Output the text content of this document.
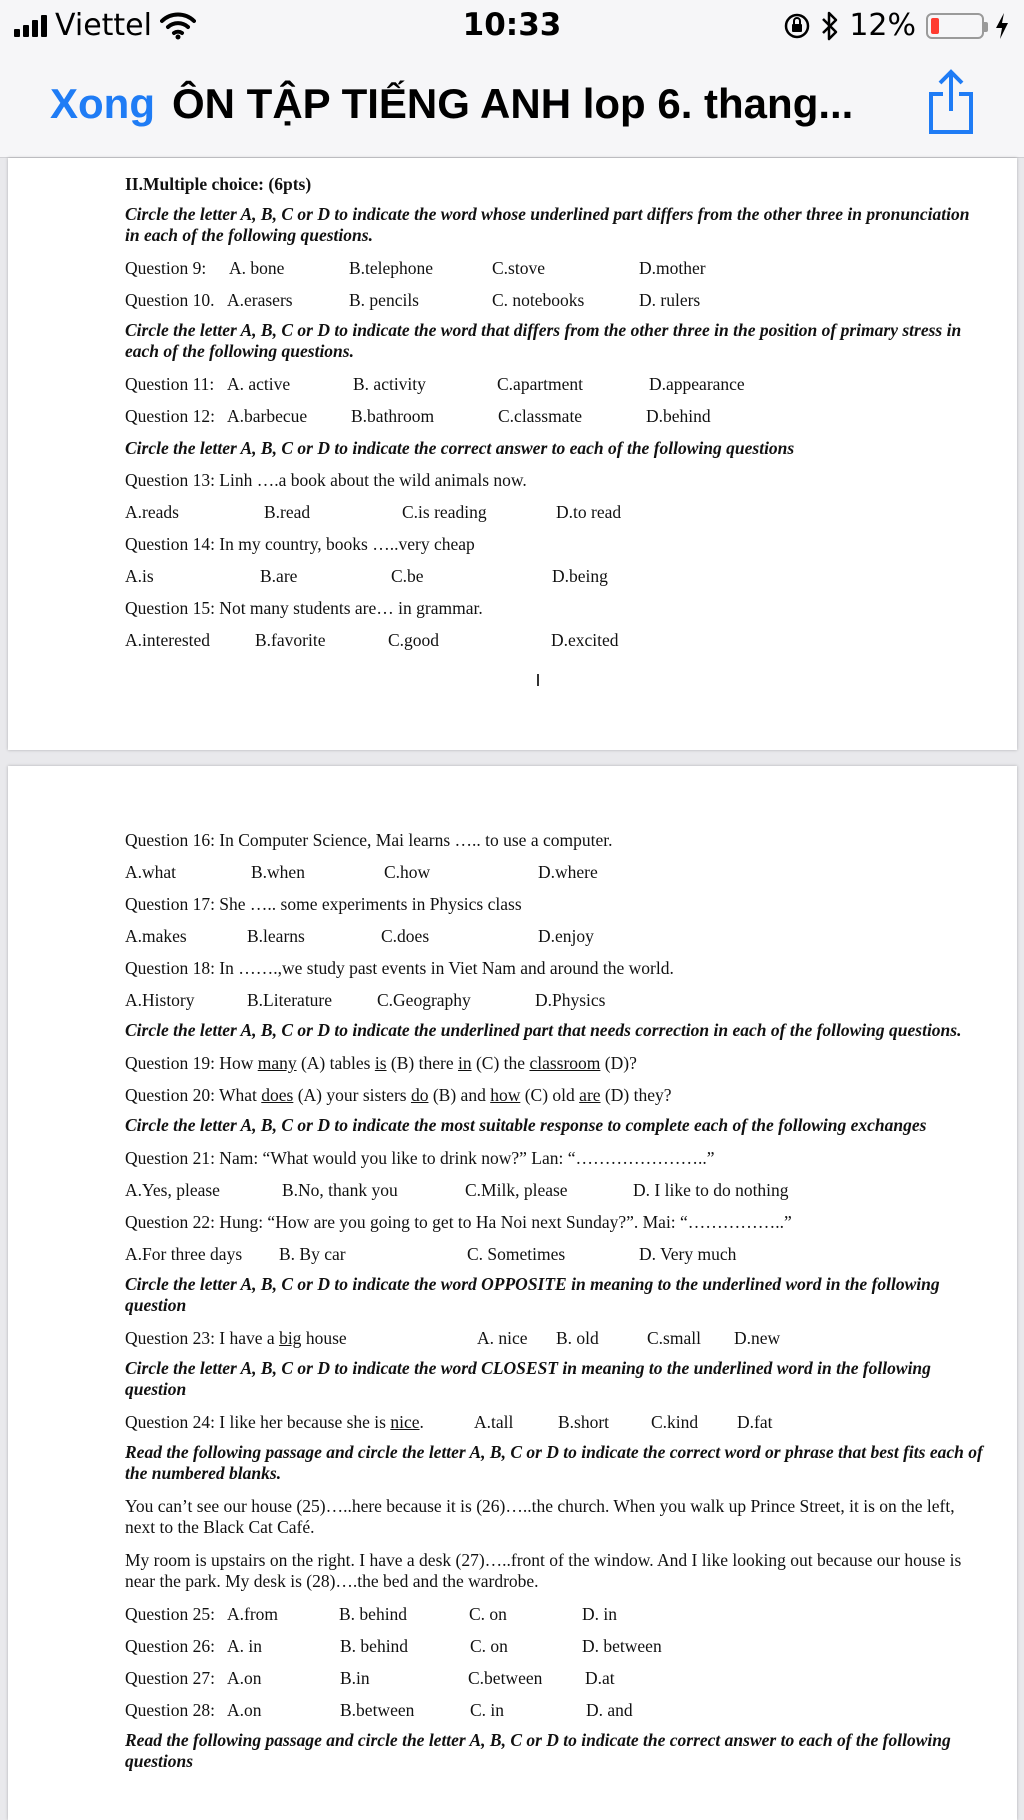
Viettel	10:33	12%
Xong ÔN TẬP TIẾNG ANH lop 6. thang...
II.Multiple choice: (6pts)
Circle the letter A, B, C or D to indicate the word whose underlined part differs from the other three in pronunciation in each of the following questions.
Question 9: A. bone	B.telephone	C.stove	D.mother
Question 10. A.erasers	B. pencils	C. notebooks	D. rulers
Circle the letter A, B, C or D to indicate the word that differs from the other three in the position of primary stress in each of the following questions.
Question 11: A. active	B. activity	C.apartment	D.appearance
Question 12: A.barbecue	B.bathroom	C.classmate	D.behind
Circle the letter A, B, C or D to indicate the correct answer to each of the following questions
Question 13: Linh ….a book about the wild animals now.
A.reads	B.read	C.is reading	D.to read
Question 14: In my country, books …..very cheap
A.is	B.are	C.be	D.being
Question 15: Not many students are… in grammar.
A.interested	B.favorite	C.good	D.excited
Question 16: In Computer Science, Mai learns ….. to use a computer.
A.what	B.when	C.how	D.where
Question 17: She ….. some experiments in Physics class
A.makes	B.learns	C.does	D.enjoy
Question 18: In …….,we study past events in Viet Nam and around the world.
A.History	B.Literature	C.Geography	D.Physics
Circle the letter A, B, C or D to indicate the underlined part that needs correction in each of the following questions.
Question 19: How many (A) tables is (B) there in (C) the classroom (D)?
Question 20: What does (A) your sisters do (B) and how (C) old are (D) they?
Circle the letter A, B, C or D to indicate the most suitable response to complete each of the following exchanges
Question 21: Nam: “What would you like to drink now?” Lan: “…………………..”
A.Yes, please	B.No, thank you	C.Milk, please	D. I like to do nothing
Question 22: Hung: “How are you going to get to Ha Noi next Sunday?”. Mai: “……………..”
A.For three days B. By car	C. Sometimes	D. Very much
Circle the letter A, B, C or D to indicate the word OPPOSITE in meaning to the underlined word in the following question
Question 23: I have a big house	A. nice B. old	C.small D.new
Circle the letter A, B, C or D to indicate the word CLOSEST in meaning to the underlined word in the following question
Question 24: I like her because she is nice.	A.tall	B.short C.kind D.fat
Read the following passage and circle the letter A, B, C or D to indicate the correct word or phrase that best fits each of the numbered blanks.
You can’t see our house (25)…..here because it is (26)…..the church. When you walk up Prince Street, it is on the left, next to the Black Cat Café.
My room is upstairs on the right. I have a desk (27)…..front of the window. And I like looking out because our house is near the park. My desk is (28)….the bed and the wardrobe.
Question 25: A.from	B. behind	C. on	D. in
Question 26: A. in	B. behind	C. on	D. between
Question 27: A.on	B.in	C.between D.at
Question 28: A.on	B.between	C. in	D. and
Read the following passage and circle the letter A, B, C or D to indicate the correct answer to each of the following questions
